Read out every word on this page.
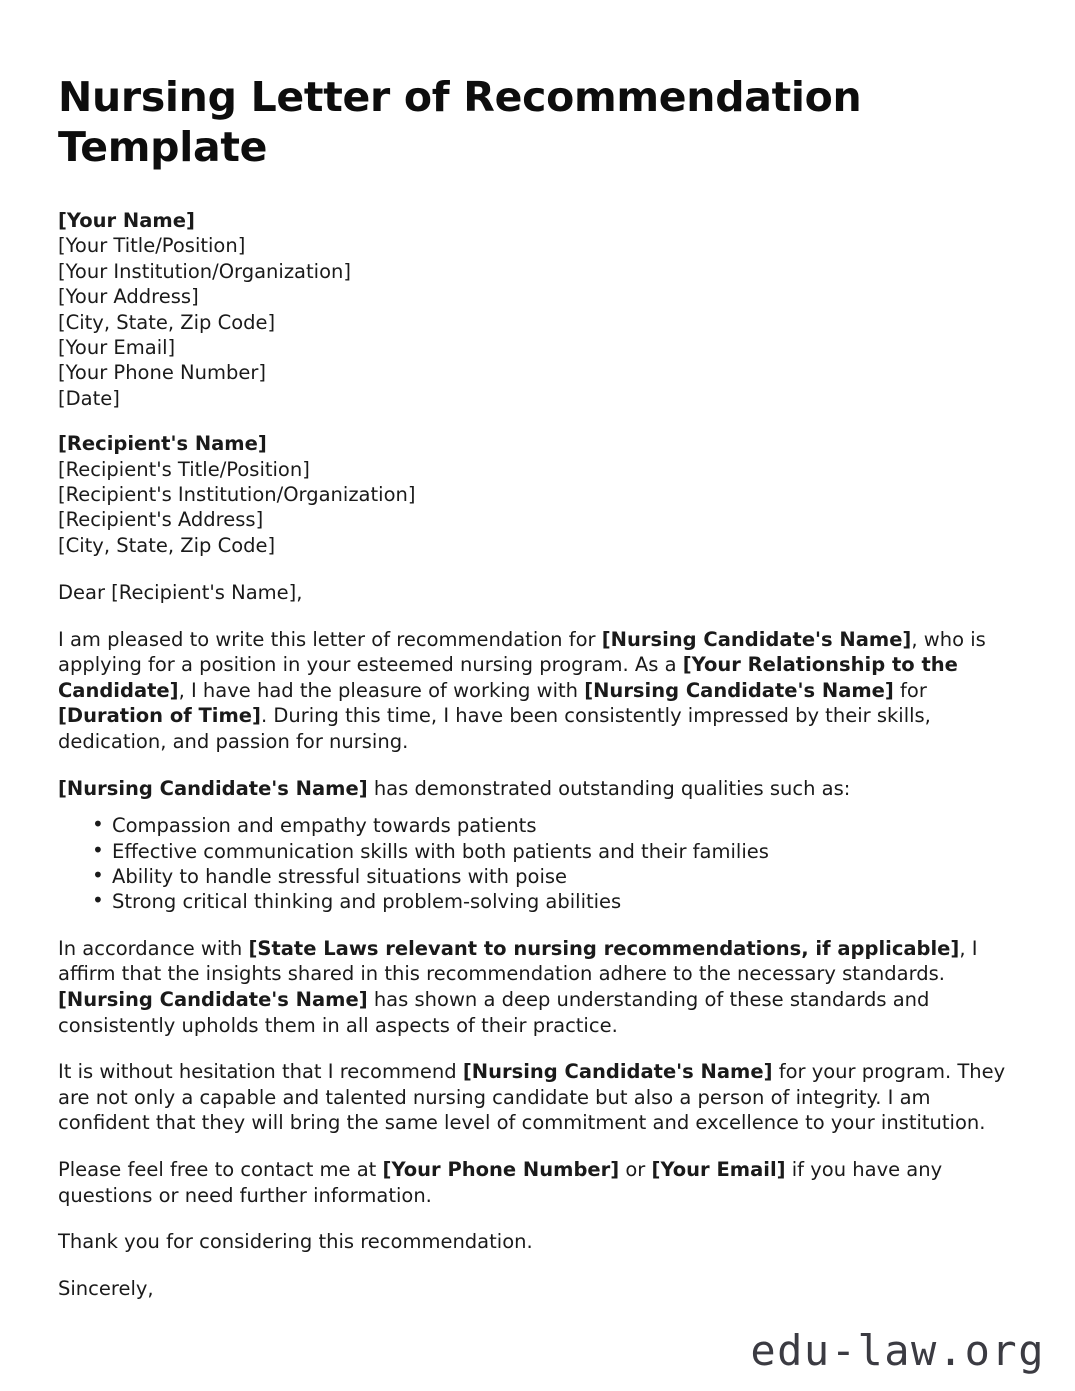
Nursing Letter of Recommendation Template
[Your Name]
[Your Title/Position]
[Your Institution/Organization]
[Your Address]
[City, State, Zip Code]
[Your Email]
[Your Phone Number]
[Date]
[Recipient's Name]
[Recipient's Title/Position]
[Recipient's Institution/Organization]
[Recipient's Address]
[City, State, Zip Code]
Dear [Recipient's Name],

I am pleased to write this letter of recommendation for [Nursing Candidate's Name], who is applying for a position in your esteemed nursing program. As a [Your Relationship to the Candidate], I have had the pleasure of working with [Nursing Candidate's Name] for [Duration of Time]. During this time, I have been consistently impressed by their skills, dedication, and passion for nursing.

[Nursing Candidate's Name] has demonstrated outstanding qualities such as:

• Compassion and empathy towards patients
• Effective communication skills with both patients and their families
• Ability to handle stressful situations with poise
• Strong critical thinking and problem-solving abilities

In accordance with [State Laws relevant to nursing recommendations, if applicable], I affirm that the insights shared in this recommendation adhere to the necessary standards. [Nursing Candidate's Name] has shown a deep understanding of these standards and consistently upholds them in all aspects of their practice.

It is without hesitation that I recommend [Nursing Candidate's Name] for your program. They are not only a capable and talented nursing candidate but also a person of integrity. I am confident that they will bring the same level of commitment and excellence to your institution.

Please feel free to contact me at [Your Phone Number] or [Your Email] if you have any questions or need further information.

Thank you for considering this recommendation.

Sincerely,

edu-law.org
